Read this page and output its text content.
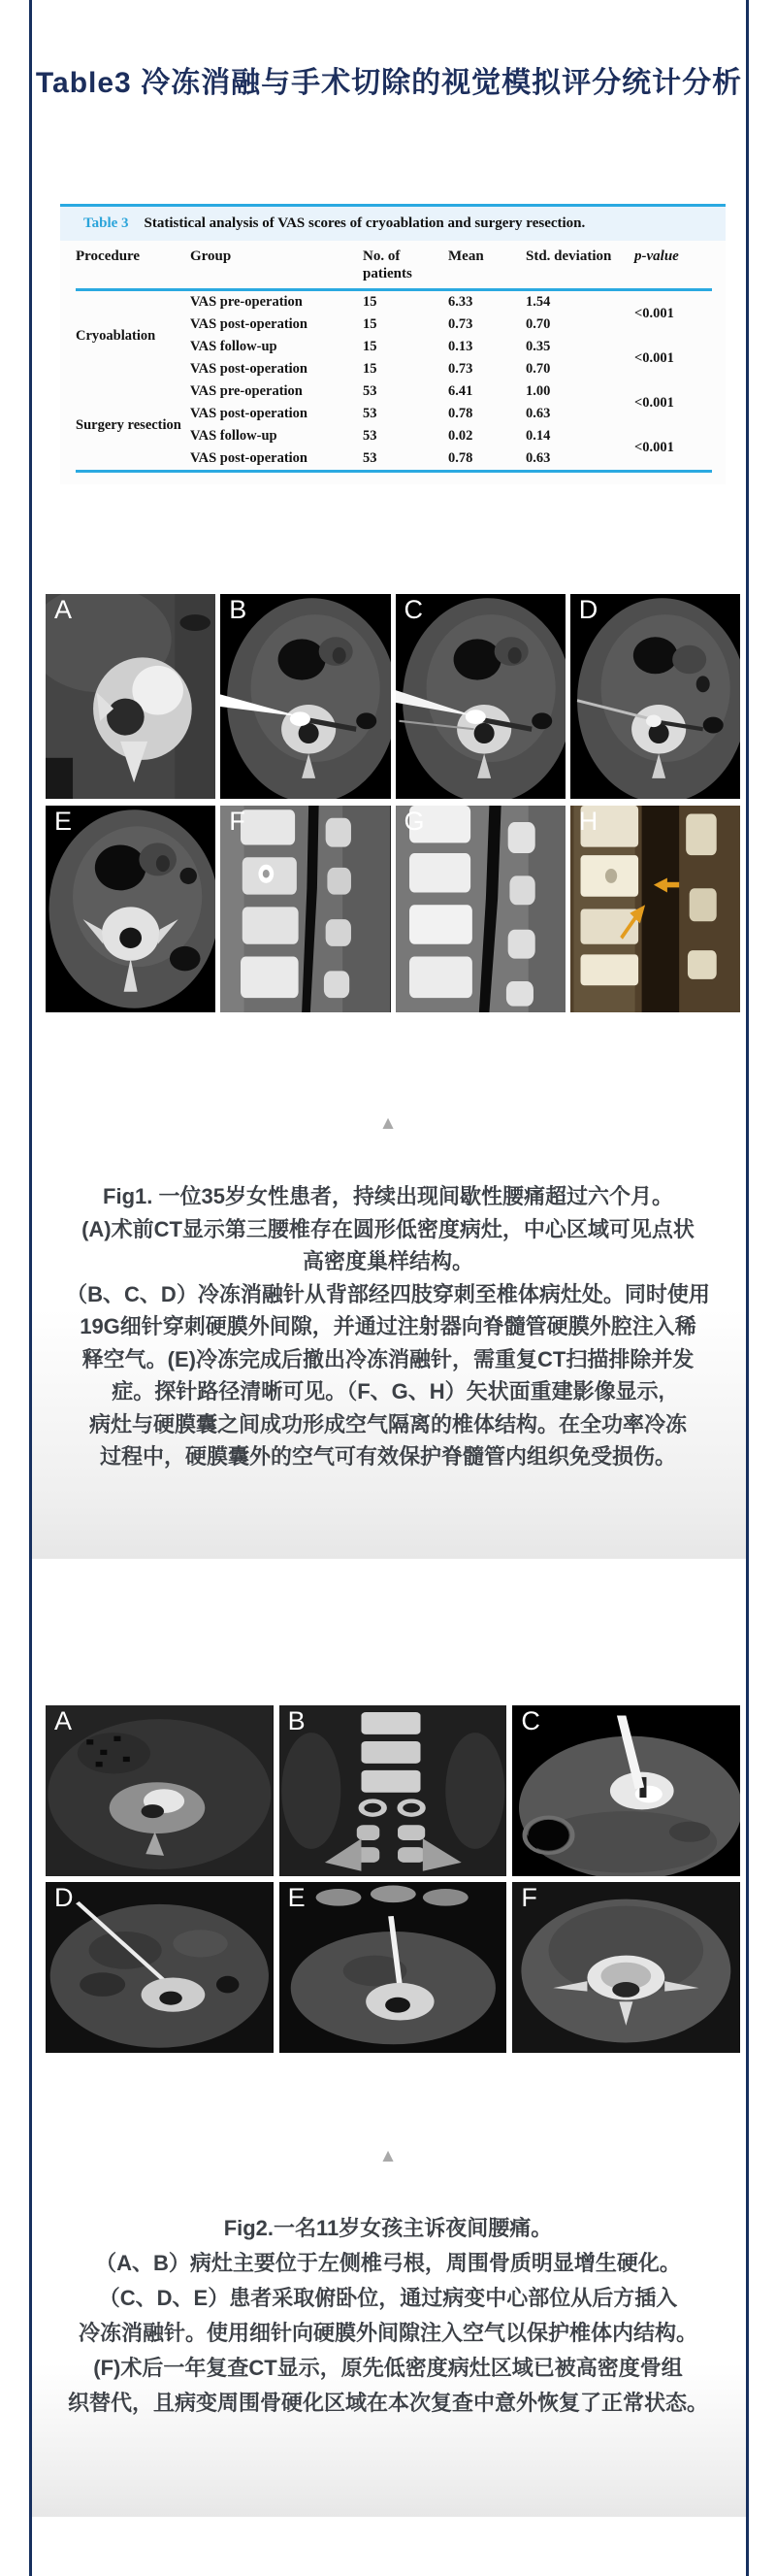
Table3 冷冻消融与手术切除的视觉模拟评分统计分析
Table 3 Statistical analysis of VAS scores of cryoablation and surgery resection.
Procedure	Group	No. of patients	Mean	Std. deviation	p-value
Cryoablation	VAS pre-operation	15	6.33	1.54	<0.001
	VAS post-operation	15	0.73	0.70	
	VAS follow-up	15	0.13	0.35	<0.001
	VAS post-operation	15	0.73	0.70	
Surgery resection	VAS pre-operation	53	6.41	1.00	<0.001
	VAS post-operation	53	0.78	0.63	
	VAS follow-up	53	0.02	0.14	<0.001
	VAS post-operation	53	0.78	0.63	
A	B	C	D
E	F	G	H
▲
Fig1. 一位35岁女性患者，持续出现间歇性腰痛超过六个月。
(A)术前CT显示第三腰椎存在圆形低密度病灶，中心区域可见点状
高密度巢样结构。
（B、C、D）冷冻消融针从背部经四肢穿刺至椎体病灶处。同时使用
19G细针穿刺硬膜外间隙，并通过注射器向脊髓管硬膜外腔注入稀
释空气。(E)冷冻完成后撤出冷冻消融针，需重复CT扫描排除并发
症。探针路径清晰可见。（F、G、H）矢状面重建影像显示,
病灶与硬膜囊之间成功形成空气隔离的椎体结构。在全功率冷冻
过程中，硬膜囊外的空气可有效保护脊髓管内组织免受损伤。
A	B	C
D	E	F
▲
Fig2.一名11岁女孩主诉夜间腰痛。
（A、B）病灶主要位于左侧椎弓根，周围骨质明显增生硬化。
（C、D、E）患者采取俯卧位，通过病变中心部位从后方插入
冷冻消融针。使用细针向硬膜外间隙注入空气以保护椎体内结构。
(F)术后一年复查CT显示，原先低密度病灶区域已被高密度骨组
织替代，且病变周围骨硬化区域在本次复查中意外恢复了正常状态。
